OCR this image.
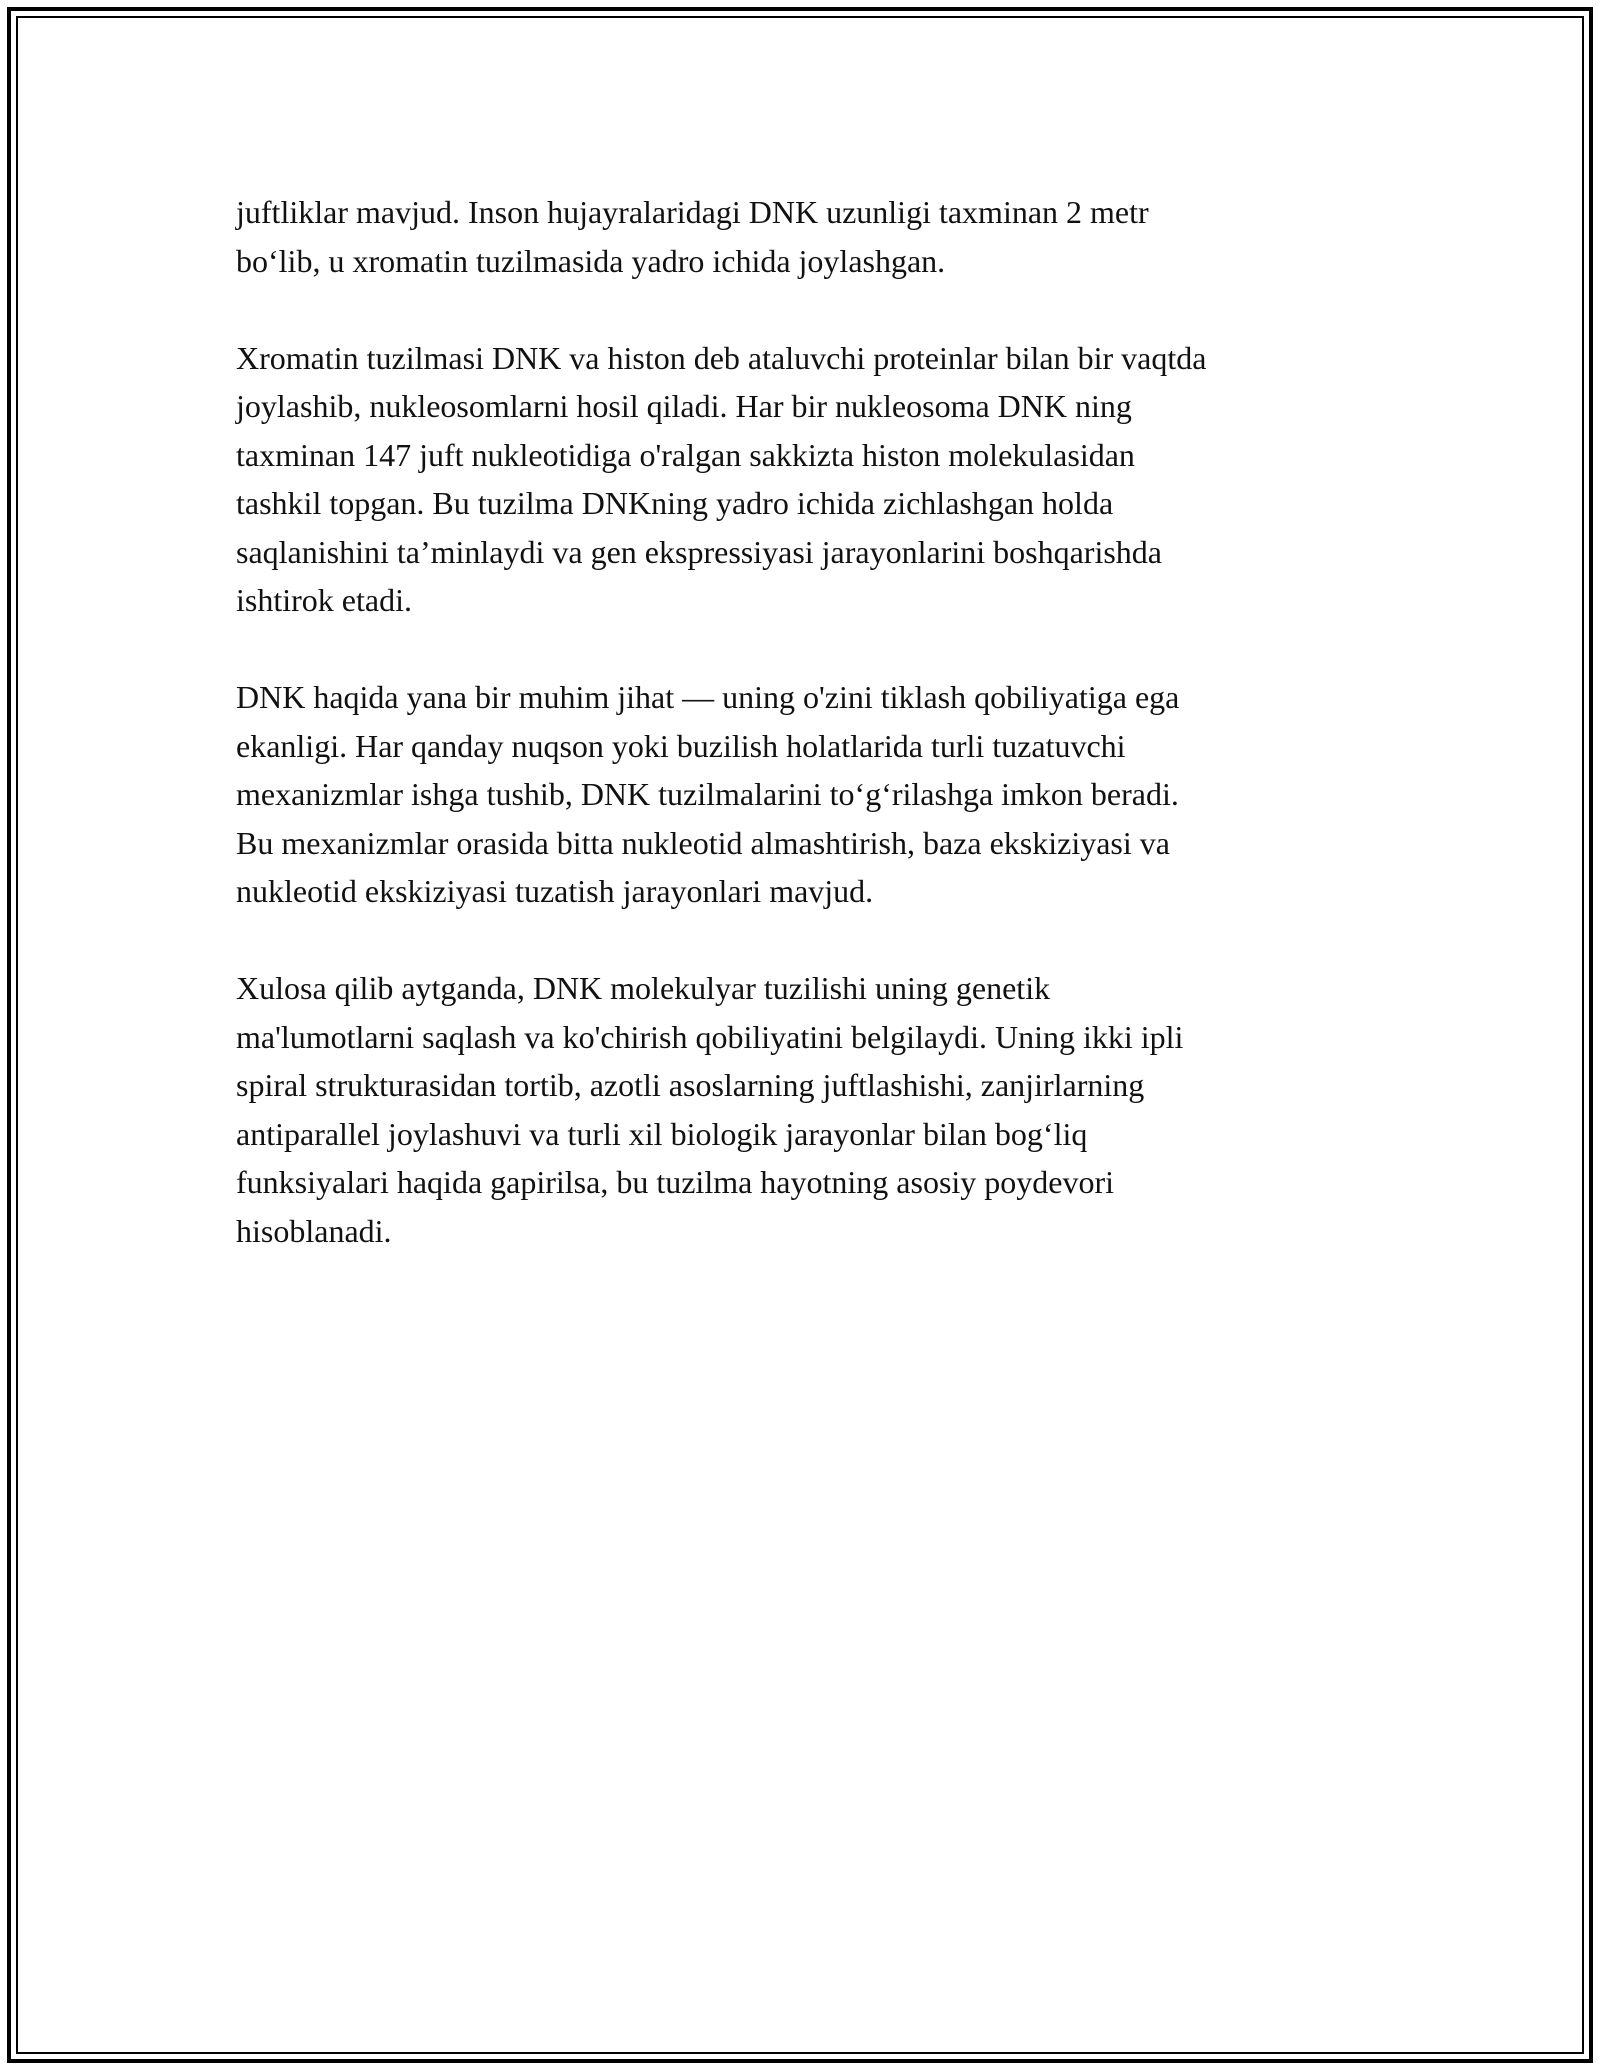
juftliklar mavjud. Inson hujayralaridagi DNK uzunligi taxminan 2 metr
bo‘lib, u xromatin tuzilmasida yadro ichida joylashgan.

Xromatin tuzilmasi DNK va histon deb ataluvchi proteinlar bilan bir vaqtda
joylashib, nukleosomlarni hosil qiladi. Har bir nukleosoma DNK ning
taxminan 147 juft nukleotidiga o'ralgan sakkizta histon molekulasidan
tashkil topgan. Bu tuzilma DNKning yadro ichida zichlashgan holda
saqlanishini ta’minlaydi va gen ekspressiyasi jarayonlarini boshqarishda
ishtirok etadi.

DNK haqida yana bir muhim jihat — uning o'zini tiklash qobiliyatiga ega
ekanligi. Har qanday nuqson yoki buzilish holatlarida turli tuzatuvchi
mexanizmlar ishga tushib, DNK tuzilmalarini to‘g‘rilashga imkon beradi.
Bu mexanizmlar orasida bitta nukleotid almashtirish, baza ekskiziyasi va
nukleotid ekskiziyasi tuzatish jarayonlari mavjud.

Xulosa qilib aytganda, DNK molekulyar tuzilishi uning genetik
ma'lumotlarni saqlash va ko'chirish qobiliyatini belgilaydi. Uning ikki ipli
spiral strukturasidan tortib, azotli asoslarning juftlashishi, zanjirlarning
antiparallel joylashuvi va turli xil biologik jarayonlar bilan bog‘liq
funksiyalari haqida gapirilsa, bu tuzilma hayotning asosiy poydevori
hisoblanadi.
